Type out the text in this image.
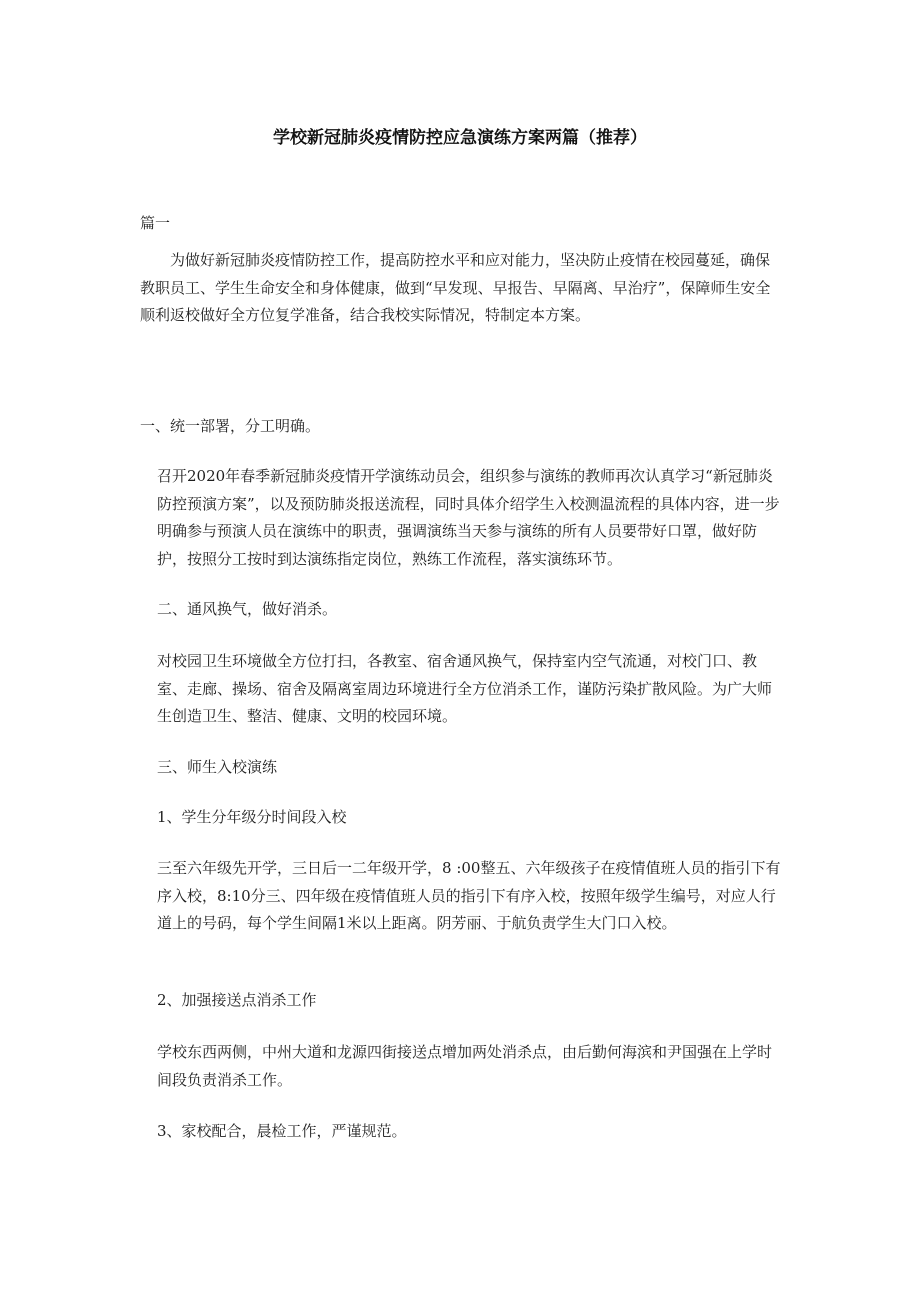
学校新冠肺炎疫情防控应急演练方案两篇（推荐）

篇一

为做好新冠肺炎疫情防控工作，提高防控水平和应对能力，坚决防止疫情在校园蔓延，确保教职员工、学生生命安全和身体健康，做到“早发现、早报告、早隔离、早治疗”，保障师生安全顺利返校做好全方位复学准备，结合我校实际情况，特制定本方案。

一、统一部署，分工明确。

召开2020年春季新冠肺炎疫情开学演练动员会，组织参与演练的教师再次认真学习“新冠肺炎防控预演方案”，以及预防肺炎报送流程，同时具体介绍学生入校测温流程的具体内容，进一步明确参与预演人员在演练中的职责，强调演练当天参与演练的所有人员要带好口罩，做好防护，按照分工按时到达演练指定岗位，熟练工作流程，落实演练环节。

二、通风换气，做好消杀。

对校园卫生环境做全方位打扫，各教室、宿舍通风换气，保持室内空气流通，对校门口、教室、走廊、操场、宿舍及隔离室周边环境进行全方位消杀工作，谨防污染扩散风险。为广大师生创造卫生、整洁、健康、文明的校园环境。

三、师生入校演练

1、学生分年级分时间段入校

三至六年级先开学，三日后一二年级开学，8 :00整五、六年级孩子在疫情值班人员的指引下有序入校，8:10分三、四年级在疫情值班人员的指引下有序入校，按照年级学生编号，对应人行道上的号码，每个学生间隔1米以上距离。阴芳丽、于航负责学生大门口入校。

2、加强接送点消杀工作

学校东西两侧，中州大道和龙源四街接送点增加两处消杀点，由后勤何海滨和尹国强在上学时间段负责消杀工作。

3、家校配合，晨检工作，严谨规范。
